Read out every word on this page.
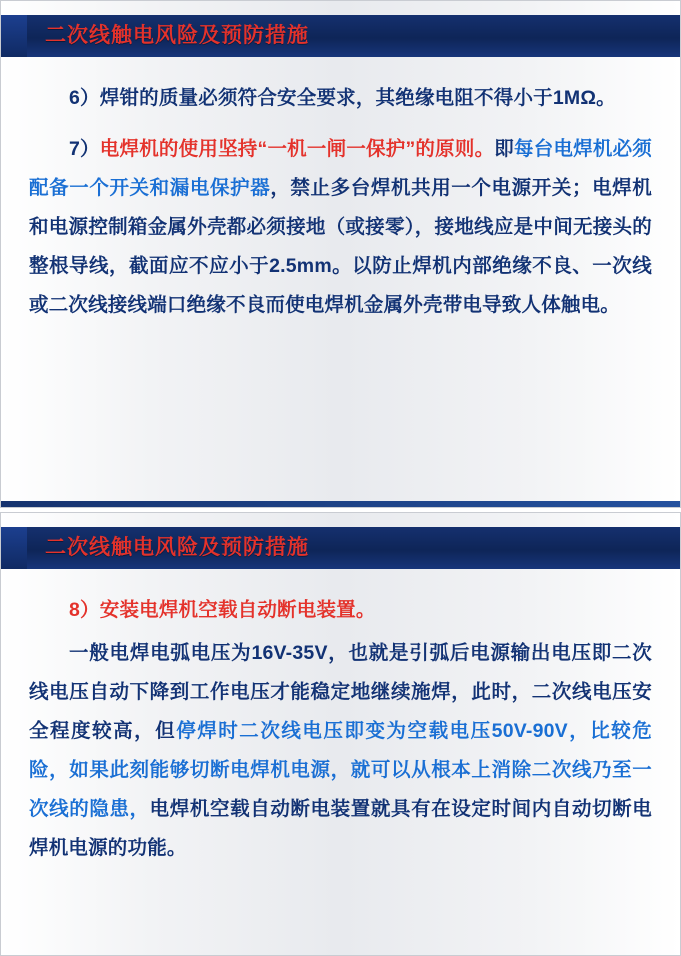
二次线触电风险及预防措施

6）焊钳的质量必须符合安全要求，其绝缘电阻不得小于1MΩ。

7）电焊机的使用坚持“一机一闸一保护”的原则。即每台电焊机必须配备一个开关和漏电保护器，禁止多台焊机共用一个电源开关；电焊机和电源控制箱金属外壳都必须接地（或接零），接地线应是中间无接头的整根导线，截面应不应小于2.5mm。以防止焊机内部绝缘不良、一次线或二次线接线端口绝缘不良而使电焊机金属外壳带电导致人体触电。

二次线触电风险及预防措施

8）安装电焊机空载自动断电装置。

一般电焊电弧电压为16V-35V，也就是引弧后电源输出电压即二次线电压自动下降到工作电压才能稳定地继续施焊，此时，二次线电压安全程度较高，但停焊时二次线电压即变为空载电压50V-90V，比较危险，如果此刻能够切断电焊机电源，就可以从根本上消除二次线乃至一次线的隐患，电焊机空载自动断电装置就具有在设定时间内自动切断电焊机电源的功能。
